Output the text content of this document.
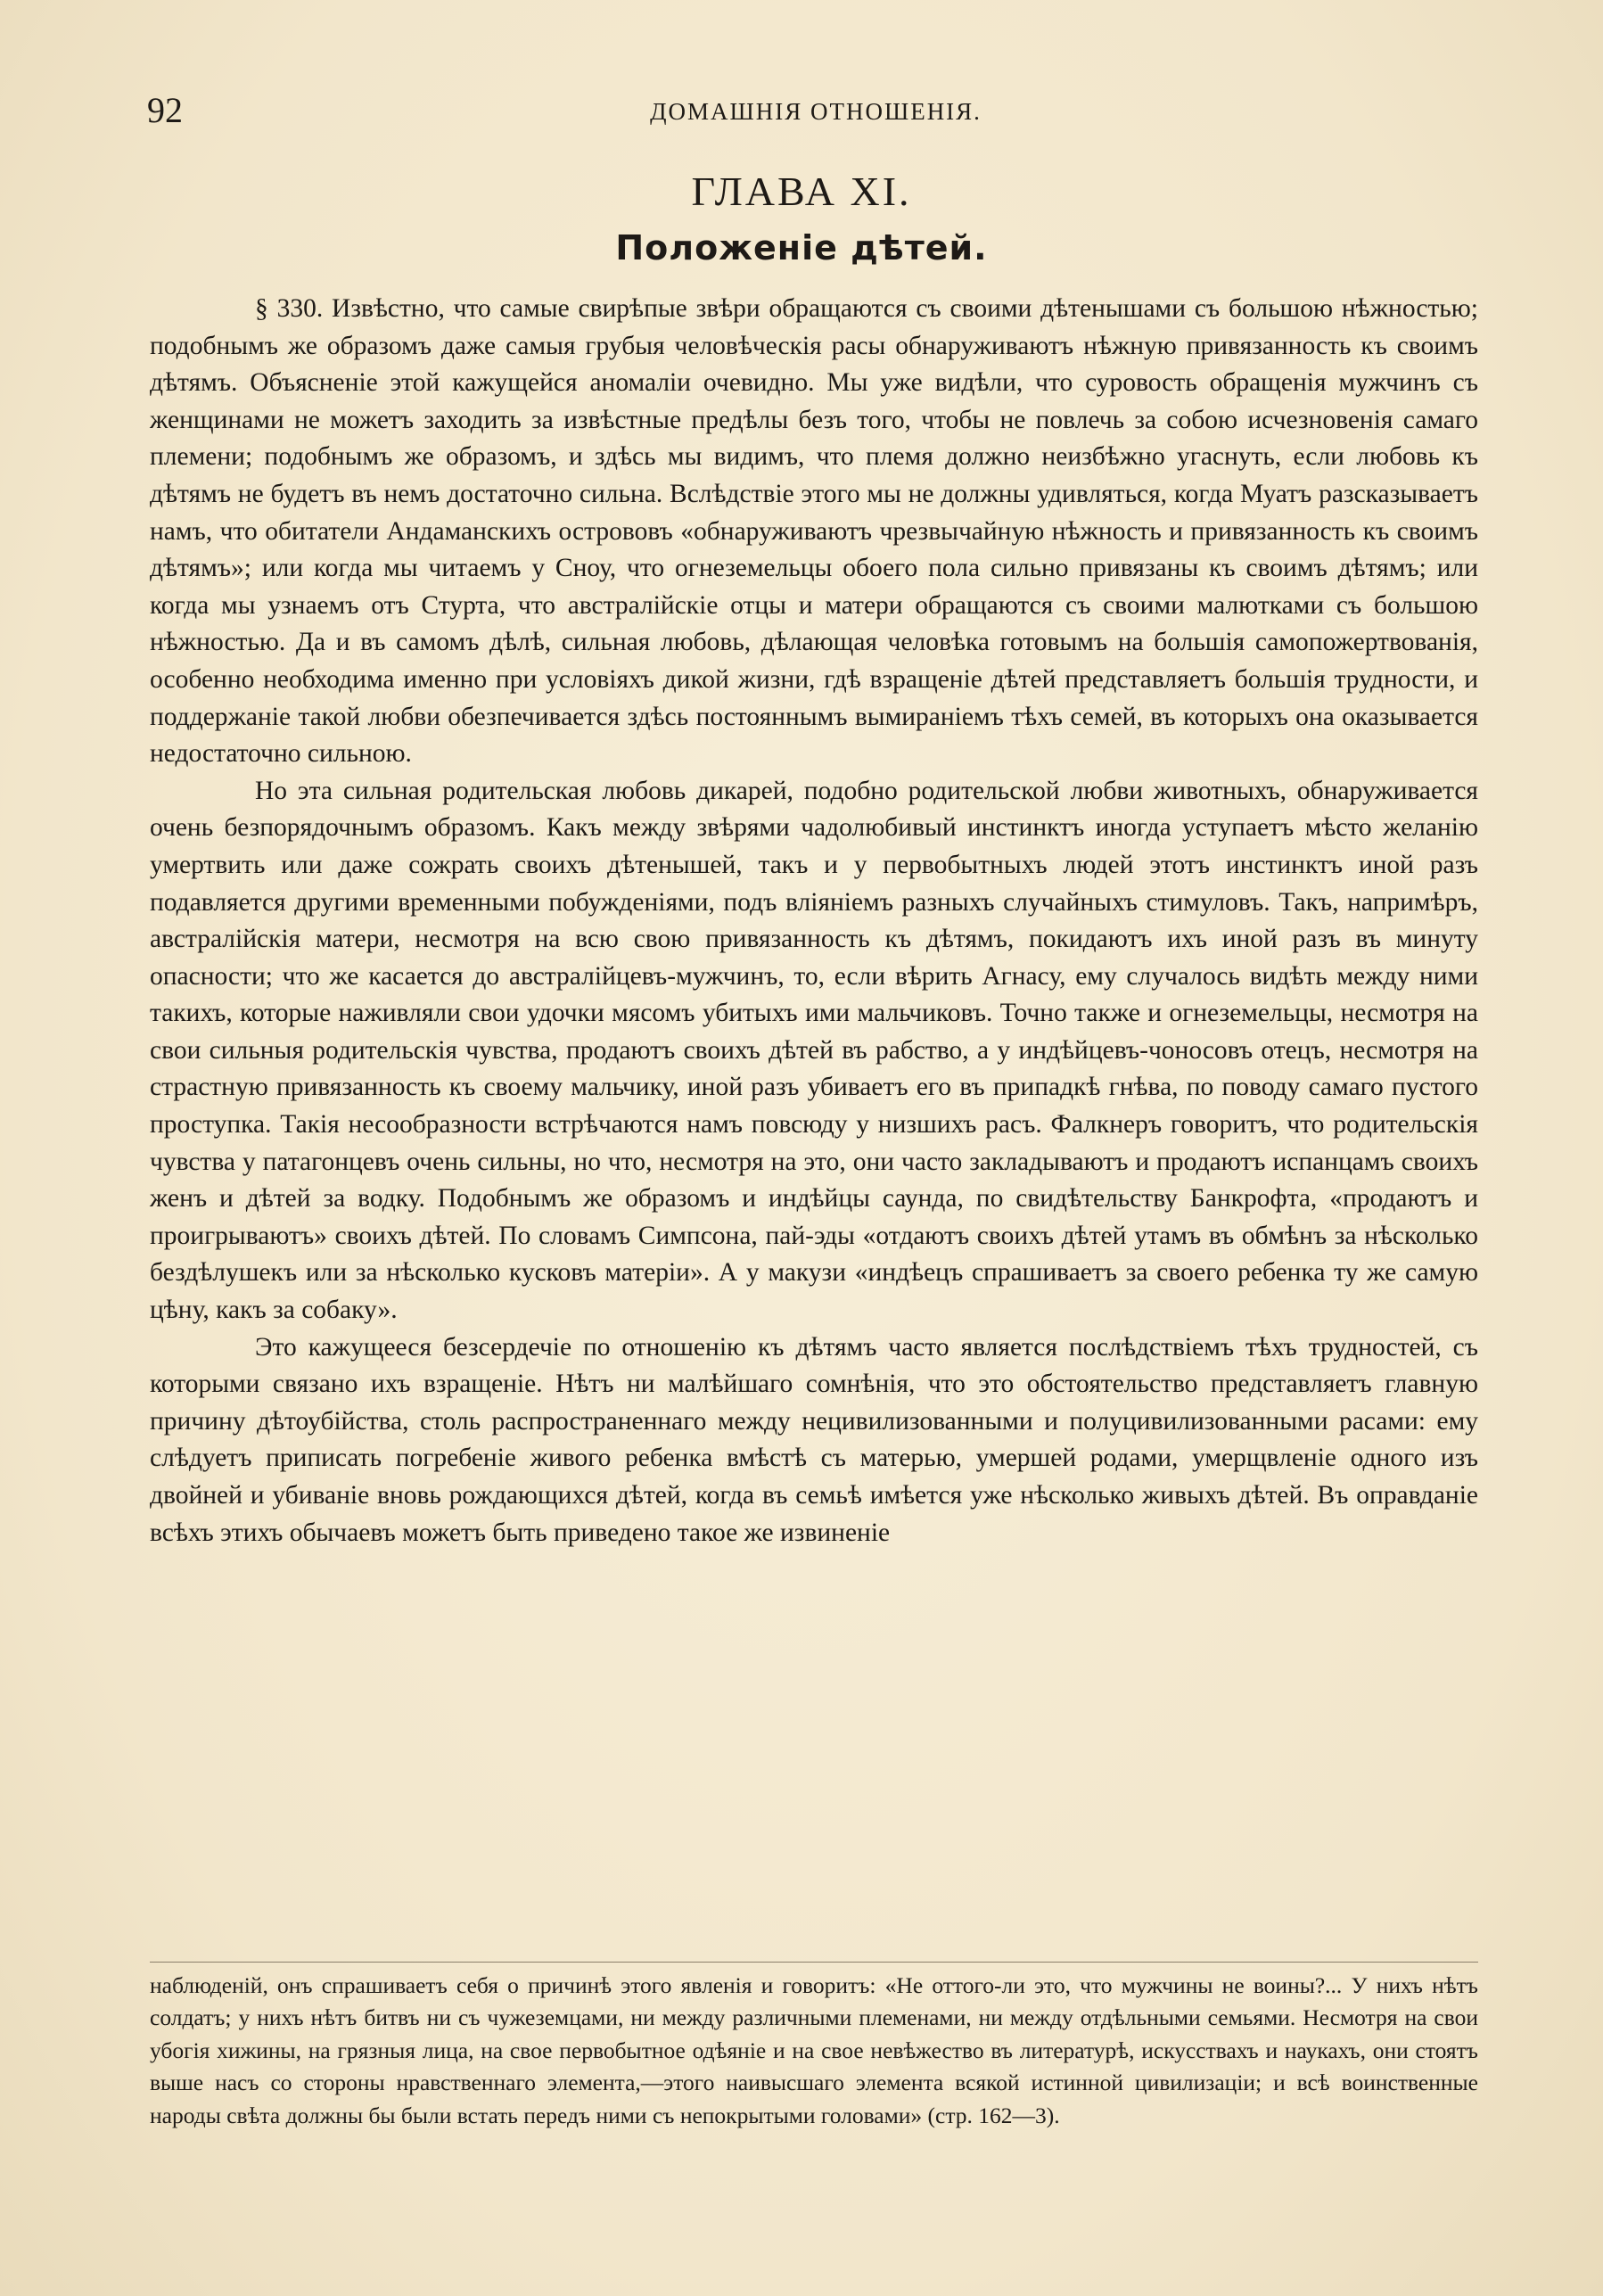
92	ДОМАШНІЯ ОТНОШЕНІЯ.
ГЛАВА XI.
Положеніе дѣтей.

§ 330. Извѣстно, что самые свирѣпые звѣри обращаются съ своими дѣтенышами съ большою нѣжностью; подобнымъ же образомъ даже самыя грубыя человѣческія расы обнаруживаютъ нѣжную привязанность къ своимъ дѣтямъ. Объясненіе этой кажущейся аномаліи очевидно. Мы уже видѣли, что суровость обращенія мужчинъ съ женщинами не можетъ заходить за извѣстные предѣлы безъ того, чтобы не повлечь за собою исчезновенія самаго племени; подобнымъ же образомъ, и здѣсь мы видимъ, что племя должно неизбѣжно угаснуть, если любовь къ дѣтямъ не будетъ въ немъ достаточно сильна. Вслѣдствіе этого мы не должны удивляться, когда Муатъ разсказываетъ намъ, что обитатели Андаманскихъ острововъ «обнаруживаютъ чрезвычайную нѣжность и привязанность къ своимъ дѣтямъ»; или когда мы читаемъ у Сноу, что огнеземельцы обоего пола сильно привязаны къ своимъ дѣтямъ; или когда мы узнаемъ отъ Стурта, что австралійскіе отцы и матери обращаются съ своими малютками съ большою нѣжностью. Да и въ самомъ дѣлѣ, сильная любовь, дѣлающая человѣка готовымъ на большія самопожертвованія, особенно необходима именно при условіяхъ дикой жизни, гдѣ взращеніе дѣтей представляетъ большія трудности, и поддержаніе такой любви обезпечивается здѣсь постояннымъ вымираніемъ тѣхъ семей, въ которыхъ она оказывается недостаточно сильною.

Но эта сильная родительская любовь дикарей, подобно родительской любви животныхъ, обнаруживается очень безпорядочнымъ образомъ. Какъ между звѣрями чадолюбивый инстинктъ иногда уступаетъ мѣсто желанію умертвить или даже сожрать своихъ дѣтенышей, такъ и у первобытныхъ людей этотъ инстинктъ иной разъ подавляется другими временными побужденіями, подъ вліяніемъ разныхъ случайныхъ стимуловъ. Такъ, напримѣръ, австралійскія матери, несмотря на всю свою привязанность къ дѣтямъ, покидаютъ ихъ иной разъ въ минуту опасности; что же касается до австралійцевъ-мужчинъ, то, если вѣрить Агнасу, ему случалось видѣть между ними такихъ, которые наживляли свои удочки мясомъ убитыхъ ими мальчиковъ. Точно также и огнеземельцы, несмотря на свои сильныя родительскія чувства, продаютъ своихъ дѣтей въ рабство, а у индѣйцевъ-чоносовъ отецъ, несмотря на страстную привязанность къ своему мальчику, иной разъ убиваетъ его въ припадкѣ гнѣва, по поводу самаго пустого проступка. Такія несообразности встрѣчаются намъ повсюду у низшихъ расъ. Фалкнеръ говоритъ, что родительскія чувства у патагонцевъ очень сильны, но что, несмотря на это, они часто закладываютъ и продаютъ испанцамъ своихъ женъ и дѣтей за водку. Подобнымъ же образомъ и индѣйцы саунда, по свидѣтельству Банкрофта, «продаютъ и проигрываютъ» своихъ дѣтей. По словамъ Симпсона, пай-эды «отдаютъ своихъ дѣтей утамъ въ обмѣнъ за нѣсколько бездѣлушекъ или за нѣсколько кусковъ матеріи». А у макузи «индѣецъ спрашиваетъ за своего ребенка ту же самую цѣну, какъ за собаку».

Это кажущееся безсердечіе по отношенію къ дѣтямъ часто является послѣдствіемъ тѣхъ трудностей, съ которыми связано ихъ взращеніе. Нѣтъ ни малѣйшаго сомнѣнія, что это обстоятельство представляетъ главную причину дѣтоубійства, столь распространеннаго между нецивилизованными и полуцивилизованными расами: ему слѣдуетъ приписать погребеніе живого ребенка вмѣстѣ съ матерью, умершей родами, умерщвленіе одного изъ двойней и убиваніе вновь рождающихся дѣтей, когда въ семьѣ имѣется уже нѣсколько живыхъ дѣтей. Въ оправданіе всѣхъ этихъ обычаевъ можетъ быть приведено такое же извиненіе

наблюденій, онъ спрашиваетъ себя о причинѣ этого явленія и говоритъ: «Не оттого-ли это, что мужчины не воины?... У нихъ нѣтъ солдатъ; у нихъ нѣтъ битвъ ни съ чужеземцами, ни между различными племенами, ни между отдѣльными семьями. Несмотря на свои убогія хижины, на грязныя лица, на свое первобытное одѣяніе и на свое невѣжество въ литературѣ, искусствахъ и наукахъ, они стоятъ выше насъ со стороны нравственнаго элемента,—этого наивысшаго элемента всякой истинной цивилизаціи; и всѣ воинственные народы свѣта должны бы были встать передъ ними съ непокрытыми головами» (стр. 162—3).
